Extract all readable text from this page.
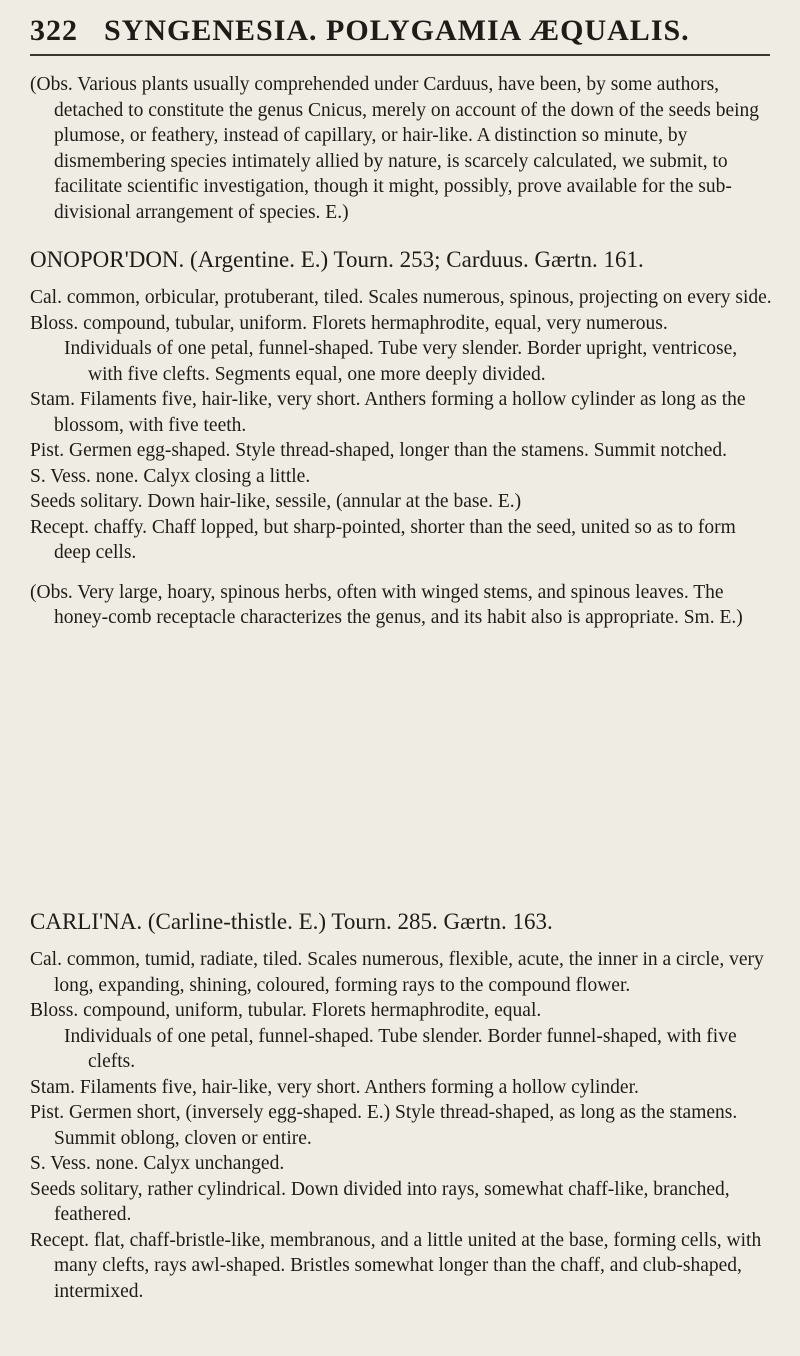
322 SYNGENESIA. POLYGAMIA ÆQUALIS.

(Obs. Various plants usually comprehended under Carduus, have been, by some authors, detached to constitute the genus Cnicus, merely on account of the down of the seeds being plumose, or feathery, instead of capillary, or hair-like. A distinction so minute, by dismembering species intimately allied by nature, is scarcely calculated, we submit, to facilitate scientific investigation, though it might, possibly, prove available for the sub-divisional arrangement of species. E.)

ONOPOR'DON. (Argentine. E.) Tourn. 253; Carduus. Gærtn. 161.

Cal. common, orbicular, protuberant, tiled. Scales numerous, spinous, projecting on every side.

Bloss. compound, tubular, uniform. Florets hermaphrodite, equal, very numerous.

Individuals of one petal, funnel-shaped. Tube very slender. Border upright, ventricose, with five clefts. Segments equal, one more deeply divided.

Stam. Filaments five, hair-like, very short. Anthers forming a hollow cylinder as long as the blossom, with five teeth.

Pist. Germen egg-shaped. Style thread-shaped, longer than the stamens. Summit notched.

S. Vess. none. Calyx closing a little.

Seeds solitary. Down hair-like, sessile, (annular at the base. E.)

Recept. chaffy. Chaff lopped, but sharp-pointed, shorter than the seed, united so as to form deep cells.

(Obs. Very large, hoary, spinous herbs, often with winged stems, and spinous leaves. The honey-comb receptacle characterizes the genus, and its habit also is appropriate. Sm. E.)

CARLI'NA. (Carline-thistle. E.) Tourn. 285. Gærtn. 163.

Cal. common, tumid, radiate, tiled. Scales numerous, flexible, acute, the inner in a circle, very long, expanding, shining, coloured, forming rays to the compound flower.

Bloss. compound, uniform, tubular. Florets hermaphrodite, equal.

Individuals of one petal, funnel-shaped. Tube slender. Border funnel-shaped, with five clefts.

Stam. Filaments five, hair-like, very short. Anthers forming a hollow cylinder.

Pist. Germen short, (inversely egg-shaped. E.) Style thread-shaped, as long as the stamens. Summit oblong, cloven or entire.

S. Vess. none. Calyx unchanged.

Seeds solitary, rather cylindrical. Down divided into rays, somewhat chaff-like, branched, feathered.

Recept. flat, chaff-bristle-like, membranous, and a little united at the base, forming cells, with many clefts, rays awl-shaped. Bristles somewhat longer than the chaff, and club-shaped, intermixed.
